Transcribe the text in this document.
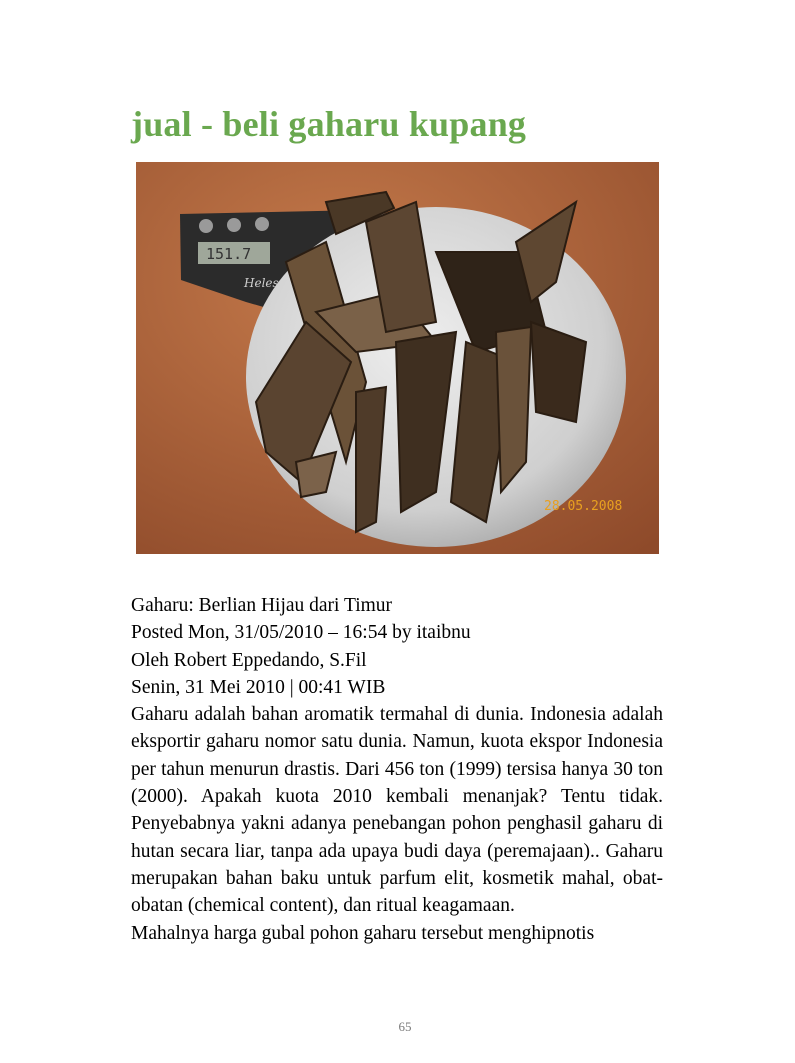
jual - beli gaharu kupang
151.7
Heles
28.05.2008

Gaharu: Berlian Hijau dari Timur

Posted Mon, 31/05/2010 – 16:54 by itaibnu

Oleh Robert Eppedando, S.Fil

Senin, 31 Mei 2010 | 00:41 WIB

Gaharu adalah bahan aromatik termahal di dunia. Indonesia adalah eksportir gaharu nomor satu dunia. Namun, kuota ekspor Indonesia per tahun menurun drastis. Dari 456 ton (1999) tersisa hanya 30 ton (2000). Apakah kuota 2010 kembali menanjak? Tentu tidak. Penyebabnya yakni adanya penebangan pohon penghasil gaharu di hutan secara liar, tanpa ada upaya budi daya (peremajaan).. Gaharu merupakan bahan baku untuk parfum elit, kosmetik mahal, obat-obatan (chemical content), dan ritual keagamaan.

Mahalnya harga gubal pohon gaharu tersebut menghipnotis

65
